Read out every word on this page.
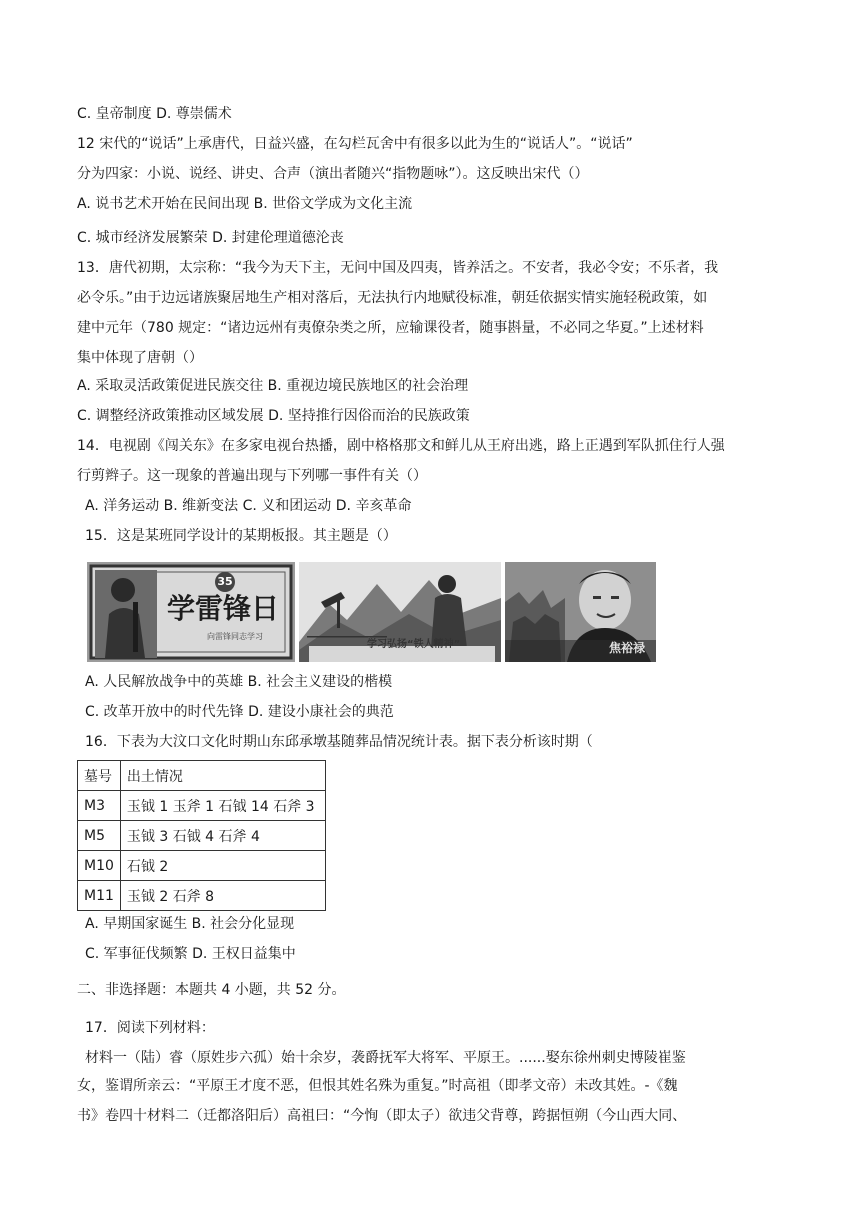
C. 皇帝制度 D. 尊崇儒术
12 宋代的“说话”上承唐代，日益兴盛，在勾栏瓦舍中有很多以此为生的“说话人”。“说话”
分为四家：小说、说经、讲史、合声（演出者随兴“指物题咏”）。这反映出宋代（）
A. 说书艺术开始在民间出现 B. 世俗文学成为文化主流
C. 城市经济发展繁荣 D. 封建伦理道德沦丧
13．唐代初期，太宗称：“我今为天下主，无问中国及四夷，皆养活之。不安者，我必令安；不乐者，我
必令乐。”由于边远诸族聚居地生产相对落后，无法执行内地赋役标准，朝廷依据实情实施轻税政策，如
建中元年（780 规定：“诸边远州有夷僚杂类之所，应输课役者，随事斟量，不必同之华夏。”上述材料
集中体现了唐朝（）
A. 采取灵活政策促进民族交往 B. 重视边境民族地区的社会治理
C. 调整经济政策推动区域发展 D. 坚持推行因俗而治的民族政策
14．电视剧《闯关东》在多家电视台热播，剧中格格那文和鲜儿从王府出逃，路上正遇到军队抓住行人强
行剪辫子。这一现象的普遍出现与下列哪一事件有关（）
A. 洋务运动 B. 维新变法 C. 义和团运动 D. 辛亥革命
15．这是某班同学设计的某期板报。其主题是（）
35
学雷锋日
向雷锋同志学习
学习弘扬“铁人精神”	焦裕禄
A. 人民解放战争中的英雄 B. 社会主义建设的楷模
C. 改革开放中的时代先锋 D. 建设小康社会的典范
16．下表为大汶口文化时期山东邱承墩基随葬品情况统计表。据下表分析该时期（
墓号	出土情况
M3	玉钺 1 玉斧 1 石钺 14 石斧 3
M5	玉钺 3 石钺 4 石斧 4
M10	石钺 2
M11	玉钺 2 石斧 8
A. 早期国家诞生 B. 社会分化显现
C. 军事征伐频繁 D. 王权日益集中
二、非选择题：本题共 4 小题，共 52 分。
17．阅读下列材料：
材料一（陆）睿（原姓步六孤）始十余岁，袭爵抚军大将军、平原王。......娶东徐州刺史博陵崔鉴
女，鉴谓所亲云：“平原王才度不恶，但恨其姓名殊为重复。”时高祖（即孝文帝）未改其姓。-《魏
书》卷四十材料二（迁都洛阳后）高祖曰：“今恂（即太子）欲违父背尊，跨据恒朔（今山西大同、
